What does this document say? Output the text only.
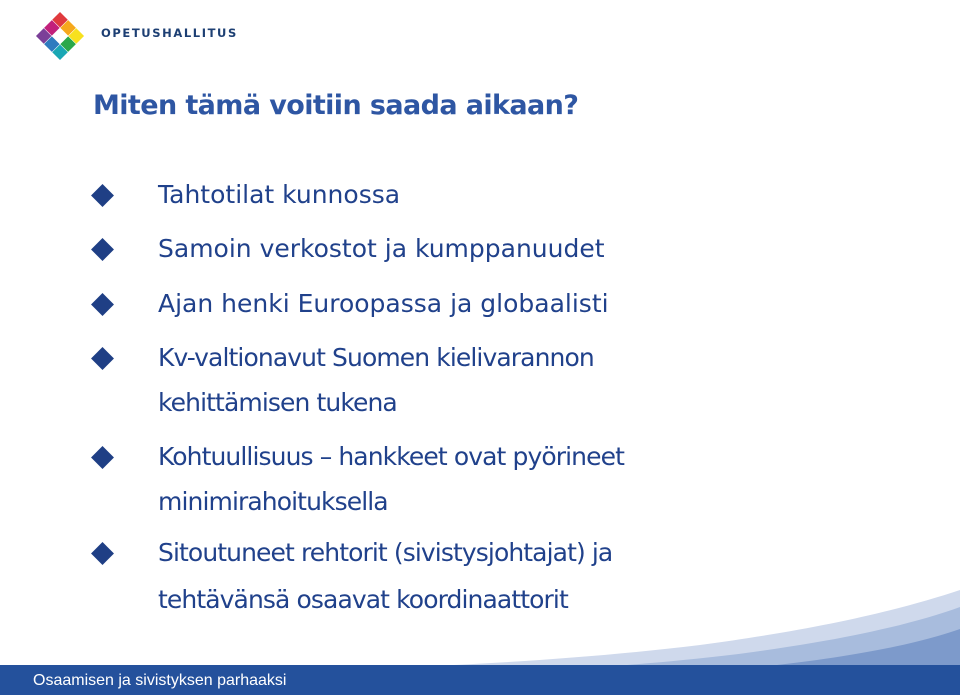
OPETUSHALLITUS
Miten tämä voitiin saada aikaan?
Tahtotilat kunnossa
Samoin verkostot ja kumppanuudet
Ajan henki Euroopassa ja globaalisti
Kv-valtionavut Suomen kielivarannon
kehittämisen tukena
Kohtuullisuus – hankkeet ovat pyörineet
minimirahoituksella
Sitoutuneet rehtorit (sivistysjohtajat) ja
tehtävänsä osaavat koordinaattorit
Osaamisen ja sivistyksen parhaaksi
